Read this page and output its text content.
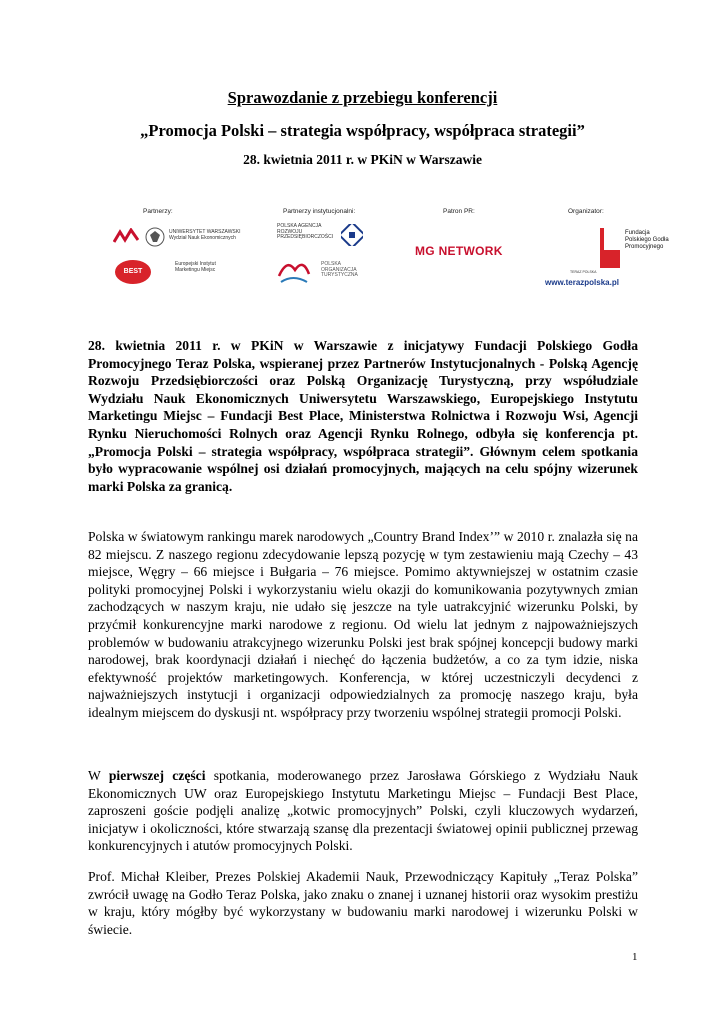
Sprawozdanie z przebiegu konferencji
„Promocja Polski – strategia współpracy, współpraca strategii”
28. kwietnia 2011 r. w PKiN w Warszawie
Partnerzy:
UNIWERSYTET WARSZAWSKI Wydział Nauk Ekonomicznych
BEST PLACE
Europejski Instytut Marketingu Miejsc
Partnerzy instytucjonalni:
POLSKA AGENCJA ROZWOJU PRZEDSIĘBIORCZOŚCI
POLSKA ORGANIZACJA TURYSTYCZNA
Patron PR:
MG NETWORK
Organizator:
TERAZ POLSKA
Fundacja Polskiego Godła Promocyjnego
www.terazpolska.pl
28. kwietnia 2011 r. w PKiN w Warszawie z inicjatywy Fundacji Polskiego Godła Promocyjnego Teraz Polska, wspieranej przez Partnerów Instytucjonalnych - Polską Agencję Rozwoju Przedsiębiorczości oraz Polską Organizację Turystyczną, przy współudziale Wydziału Nauk Ekonomicznych Uniwersytetu Warszawskiego, Europejskiego Instytutu Marketingu Miejsc – Fundacji Best Place, Ministerstwa Rolnictwa i Rozwoju Wsi, Agencji Rynku Nieruchomości Rolnych oraz Agencji Rynku Rolnego, odbyła się konferencja pt. „Promocja Polski – strategia współpracy, współpraca strategii”. Głównym celem spotkania było wypracowanie wspólnej osi działań promocyjnych, mających na celu spójny wizerunek marki Polska za granicą.
Polska w światowym rankingu marek narodowych „Country Brand Index’” w 2010 r. znalazła się na 82 miejscu. Z naszego regionu zdecydowanie lepszą pozycję w tym zestawieniu mają Czechy – 43 miejsce, Węgry – 66 miejsce i Bułgaria – 76 miejsce. Pomimo aktywniejszej w ostatnim czasie polityki promocyjnej Polski i wykorzystaniu wielu okazji do komunikowania pozytywnych zmian zachodzących w naszym kraju, nie udało się jeszcze na tyle uatrakcyjnić wizerunku Polski, by przyćmił konkurencyjne marki narodowe z regionu. Od wielu lat jednym z najpoważniejszych problemów w budowaniu atrakcyjnego wizerunku Polski jest brak spójnej koncepcji budowy marki narodowej, brak koordynacji działań i niechęć do łączenia budżetów, a co za tym idzie, niska efektywność projektów marketingowych. Konferencja, w której uczestniczyli decydenci z najważniejszych instytucji i organizacji odpowiedzialnych za promocję naszego kraju, była idealnym miejscem do dyskusji nt. współpracy przy tworzeniu wspólnej strategii promocji Polski.
W pierwszej części spotkania, moderowanego przez Jarosława Górskiego z Wydziału Nauk Ekonomicznych UW oraz Europejskiego Instytutu Marketingu Miejsc – Fundacji Best Place, zaproszeni goście podjęli analizę „kotwic promocyjnych” Polski, czyli kluczowych wydarzeń, inicjatyw i okoliczności, które stwarzają szansę dla prezentacji światowej opinii publicznej przewag konkurencyjnych i atutów promocyjnych Polski.
Prof. Michał Kleiber, Prezes Polskiej Akademii Nauk, Przewodniczący Kapituły „Teraz Polska” zwrócił uwagę na Godło Teraz Polska, jako znaku o znanej i uznanej historii oraz wysokim prestiżu w kraju, który mógłby być wykorzystany w budowaniu marki narodowej i wizerunku Polski w świecie.
1
